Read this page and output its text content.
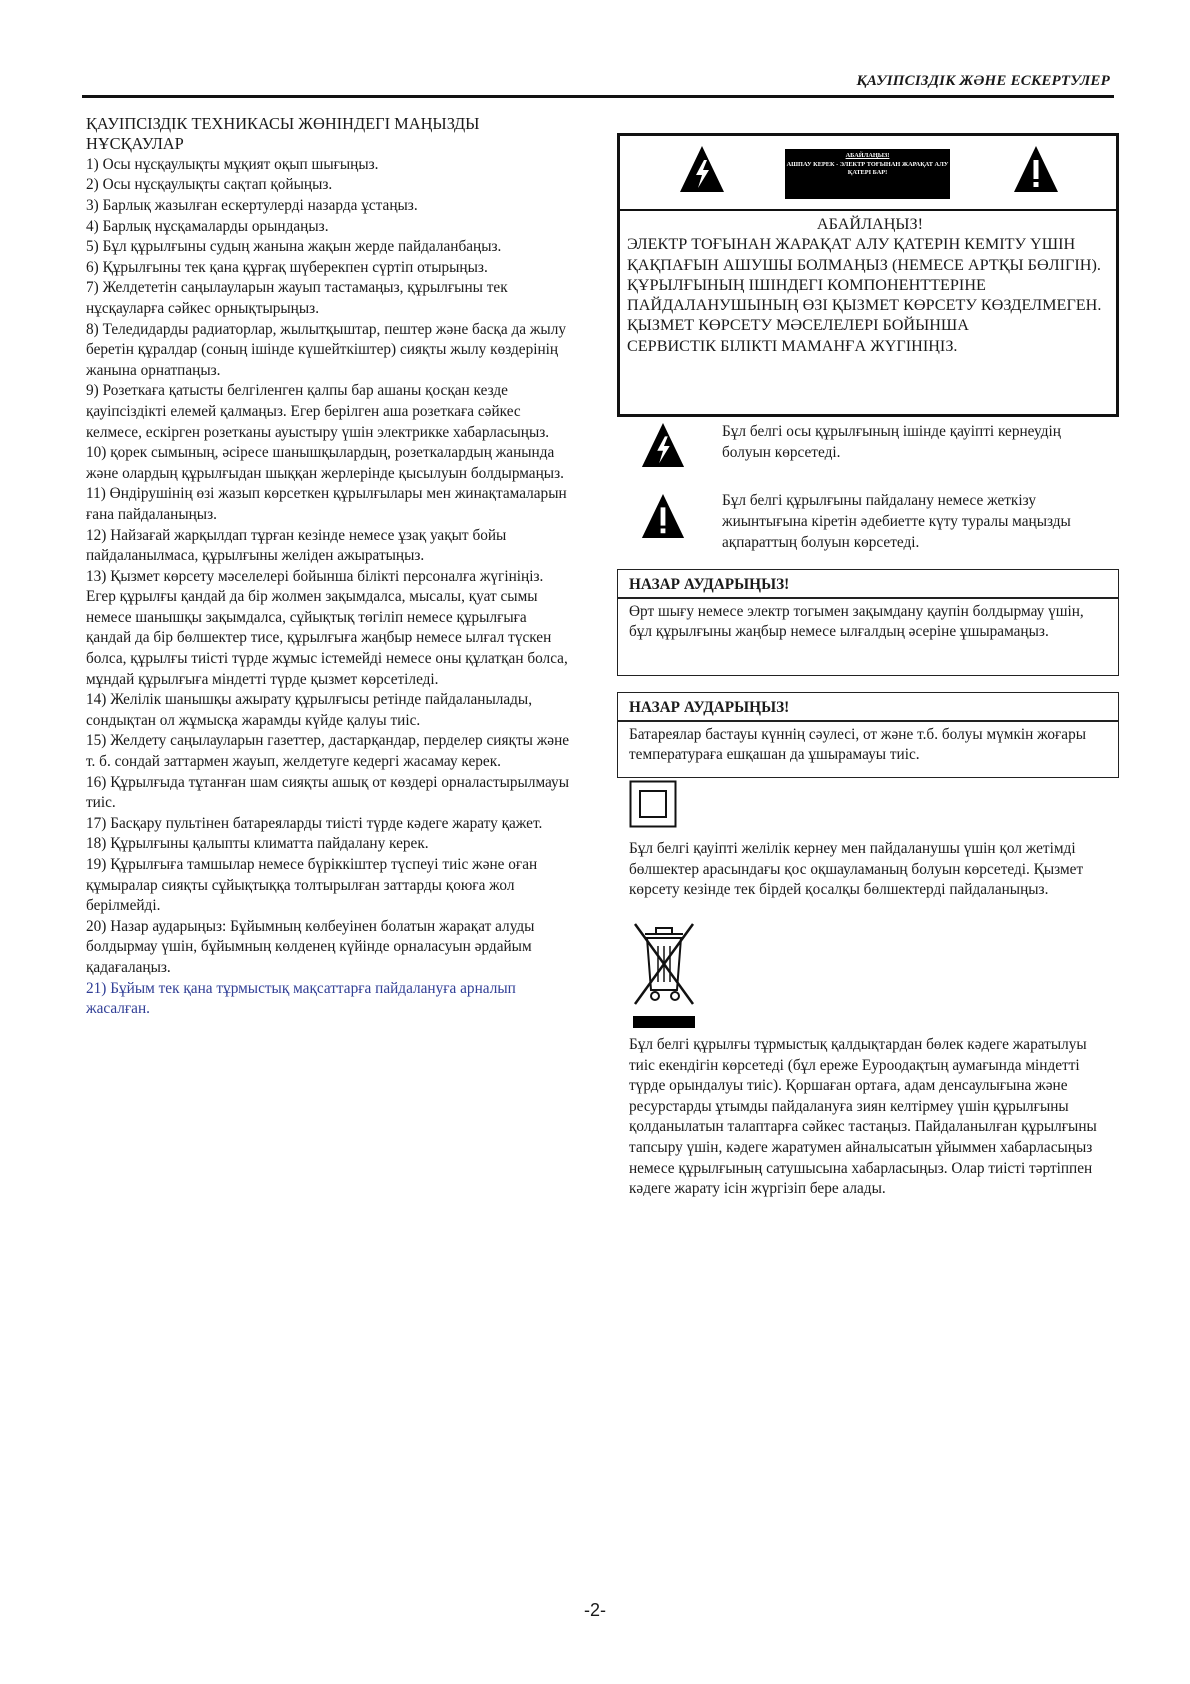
ҚАУІПСІЗДІК ЖӘНЕ ЕСКЕРТУЛЕР
ҚАУІПСІЗДІК ТЕХНИКАСЫ ЖӨНІНДЕГІ МАҢЫЗДЫ НҰСҚАУЛАР
1) Осы нұсқаулықты мұқият оқып шығыңыз.
2) Осы нұсқаулықты сақтап қойыңыз.
3) Барлық жазылған ескертулерді назарда ұстаңыз.
4) Барлық нұсқамаларды орындаңыз.
5) Бұл құрылғыны судың жанына жақын жерде пайдаланбаңыз.
6) Құрылғыны тек қана құрғақ шүберекпен сүртіп отырыңыз.
7) Желдететін саңылауларын жауып тастамаңыз, құрылғыны тек нұсқауларға сәйкес орнықтырыңыз.
8) Теледидарды радиаторлар, жылытқыштар, пештер және басқа да жылу беретін құралдар (соның ішінде күшейткіштер) сияқты жылу көздерінің жанына орнатпаңыз.
9) Розеткаға қатысты белгіленген қалпы бар ашаны қосқан кезде қауіпсіздікті елемей қалмаңыз. Егер берілген аша розеткаға сәйкес келмесе, ескірген розетканы ауыстыру үшін электрикке хабарласыңыз.
10) қорек сымының, әсіресе шанышқылардың, розеткалардың жанында және олардың құрылғыдан шыққан жерлерінде қысылуын болдырмаңыз.
11) Өндірушінің өзі жазып көрсеткен құрылғылары мен жинақтамаларын ғана пайдаланыңыз.
12) Найзағай жарқылдап тұрған кезінде немесе ұзақ уақыт бойы пайдаланылмаса, құрылғыны желіден ажыратыңыз.
13) Қызмет көрсету мәселелері бойынша білікті персоналға жүгініңіз. Егер құрылғы қандай да бір жолмен зақымдалса, мысалы, қуат сымы немесе шанышқы зақымдалса, сұйықтық төгіліп немесе құрылғыға қандай да бір бөлшектер тисе, құрылғыға жаңбыр немесе ылғал түскен болса, құрылғы тиісті түрде жұмыс істемейді немесе оны құлатқан болса, мұндай құрылғыға міндетті түрде қызмет көрсетіледі.
14) Желілік шанышқы ажырату құрылғысы ретінде пайдаланылады, сондықтан ол жұмысқа жарамды күйде қалуы тиіс.
15) Желдету саңылауларын газеттер, дастарқандар, перделер сияқты және т. б. сондай заттармен жауып, желдетуге кедергі жасамау керек.
16) Құрылғыда тұтанған шам сияқты ашық от көздері орналастырылмауы тиіс.
17) Басқару пультінен батареяларды тиісті түрде кәдеге жарату қажет.
18) Құрылғыны қалыпты климатта пайдалану керек.
19) Құрылғыға тамшылар немесе бүріккіштер түспеуі тиіс және оған құмыралар сияқты сұйықтыққа толтырылған заттарды қоюға жол берілмейді.
20) Назар аударыңыз: Бұйымның көлбеуінен болатын жарақат алуды болдырмау үшін, бұйымның көлденең күйінде орналасуын әрдайым қадағалаңыз.
21) Бұйым тек қана тұрмыстық мақсаттарға пайдалануға арналып жасалған.
АБАЙЛАҢЫЗ!
АШПАУ КЕРЕК - ЭЛЕКТР ТОҒЫНАН ЖАРАҚАТ АЛУ ҚАТЕРІ БАР!
АБАЙЛАҢЫЗ!
ЭЛЕКТР ТОҒЫНАН ЖАРАҚАТ АЛУ ҚАТЕРІН КЕМІТУ ҮШІН
ҚАҚПАҒЫН АШУШЫ БОЛМАҢЫЗ (НЕМЕСЕ АРТҚЫ БӨЛІГІН).
ҚҰРЫЛҒЫНЫҢ ІШІНДЕГІ КОМПОНЕНТТЕРІНЕ ПАЙДАЛАНУШЫНЫҢ ӨЗІ ҚЫЗМЕТ КӨРСЕТУ КӨЗДЕЛМЕГЕН. ҚЫЗМЕТ КӨРСЕТУ МӘСЕЛЕЛЕРІ БОЙЫНША
СЕРВИСТІК БІЛІКТІ МАМАНҒА ЖҮГІНІҢІЗ.
Бұл белгі осы құрылғының ішінде қауіпті кернеудің болуын көрсетеді.
Бұл белгі құрылғыны пайдалану немесе жеткізу жиынтығына кіретін әдебиетте күту туралы маңызды ақпараттың болуын көрсетеді.
НАЗАР АУДАРЫҢЫЗ!
Өрт шығу немесе электр тогымен зақымдану қаупін болдырмау үшін, бұл құрылғыны жаңбыр немесе ылғалдың әсеріне ұшырамаңыз.
НАЗАР АУДАРЫҢЫЗ!
Батареялар бастауы күннің сәулесі, от және т.б. болуы мүмкін жоғары температураға ешқашан да ұшырамауы тиіс.
Бұл белгі қауіпті желілік кернеу мен пайдаланушы үшін қол жетімді бөлшектер арасындағы қос оқшауламаның болуын көрсетеді. Қызмет көрсету кезінде тек бірдей қосалқы бөлшектерді пайдаланыңыз.
Бұл белгі құрылғы тұрмыстық қалдықтардан бөлек кәдеге жаратылуы тиіс екендігін көрсетеді (бұл ереже Еуроодақтың аумағында міндетті түрде орындалуы тиіс). Қоршаған ортаға, адам денсаулығына және ресурстарды ұтымды пайдалануға зиян келтірмеу үшін құрылғыны қолданылатын талаптарға сәйкес тастаңыз. Пайдаланылған құрылғыны тапсыру үшін, кәдеге жаратумен айналысатын ұйыммен хабарласыңыз немесе құрылғының сатушысына хабарласыңыз. Олар тиісті тәртіппен кәдеге жарату ісін жүргізіп бере алады.
-2-
